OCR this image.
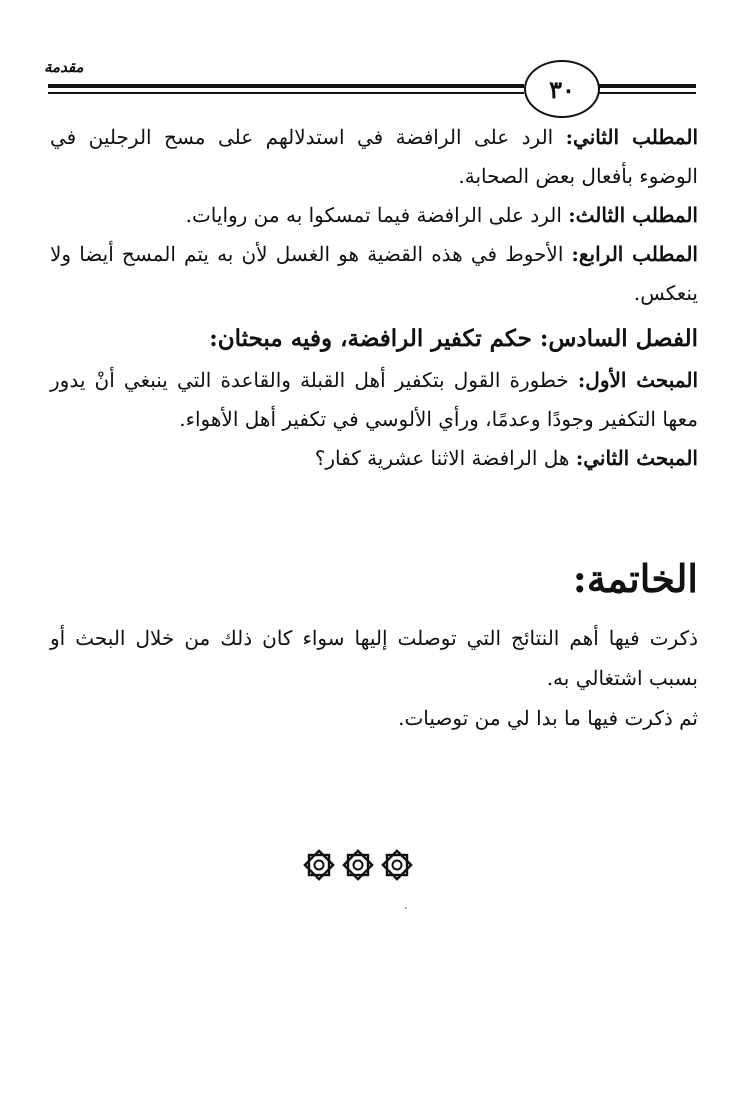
٣٠
مقدمة

المطلب الثاني: الرد على الرافضة في استدلالهم على مسح الرجلين في الوضوء بأفعال بعض الصحابة.

المطلب الثالث: الرد على الرافضة فيما تمسكوا به من روايات.

المطلب الرابع: الأحوط في هذه القضية هو الغسل لأن به يتم المسح أيضا ولا ينعكس.

الفصل السادس: حكم تكفير الرافضة، وفيه مبحثان:

المبحث الأول: خطورة القول بتكفير أهل القبلة والقاعدة التي ينبغي أنْ يدور معها التكفير وجودًا وعدمًا، ورأي الألوسي في تكفير أهل الأهواء.

المبحث الثاني: هل الرافضة الاثنا عشرية كفار؟

الخاتمة:

ذكرت فيها أهم النتائج التي توصلت إليها سواء كان ذلك من خلال البحث أو بسبب اشتغالي به.

ثم ذكرت فيها ما بدا لي من توصيات.
